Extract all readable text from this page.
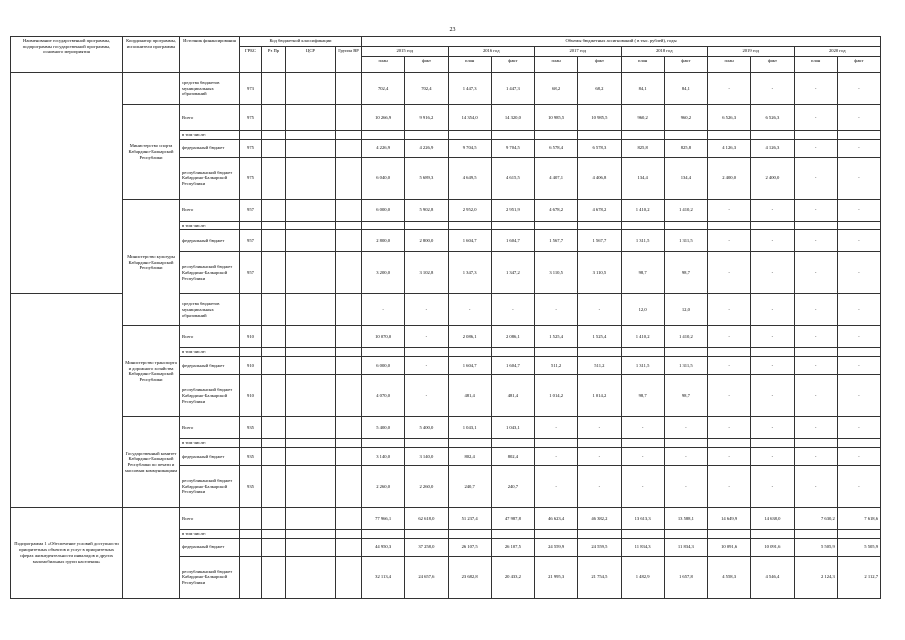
23
Наименование государственной программы, подпрограммы государственной программы, основного мероприятия	Координатор программы, исполнители программы	Источник финансирования	Код бюджетной классификации				Объемы бюджетных ассигнований ( в тыс. рублей), годы											
			ГРБС	Рз Пр	ЦСР	Группа ВР	2015 год		2016 год		2017 год		2018 год		2019 год		2020 год	
							план	факт	план	факт	план	факт	план	факт	план	факт	план	факт
		средства бюджетов муниципальных образований	973				702,4	702,4	1 447,3	1 447,3	68,2	68,2	84,1	84,1	-	-	-	-
	Министерство спорта Кабардино-Балкарской Республики	Всего	975				10 266,9	9 916,2	14 354,0	14 320,0	10 985,5	10 985,5	960,2	960,2	6 526,3	6 526,3	-	-
		в том числе:																
		федеральный бюджет	975				4 226,9	4 226,9	9 704,5	9 704,5	6 578,4	6 578,3	825,8	825,8	4 126,3	4 126,3	-	-
		республиканский бюджет Кабардино-Балкарской Республики	975				6 040,0	5 689,3	4 649,5	4 615,5	4 407,1	4 406,8	134,4	134,4	2 400,0	2 400,0	-	-
	Министерство культуры Кабардино-Балкарской Республики	Всего	957				6 000,0	5 902,8	2 952,0	2 951,9	4 678,2	4 678,2	1 410,2	1 410,2	-	-	-	-
		в том числе:																
		федеральный бюджет	957				2 800,0	2 800,0	1 604,7	1 604,7	1 567,7	1 567,7	1 311,5	1 311,5	-	-	-	-
		республиканский бюджет Кабардино-Балкарской Республики	957				3 200,0	3 102,8	1 347,3	1 347,2	3 110,5	3 110,5	98,7	98,7	-	-	-	-
		средства бюджетов муниципальных образований					-	-	-	-	-	-	12,0	12,0	-	-	-	-
	Министерство транспорта и дорожного хозяйства Кабардино-Балкарской Республики	Всего	910				10 070,0	-	2 086,1	2 086,1	1 525,4	1 525,4	1 410,2	1 410,2	-	-	-	-
		в том числе:																
		федеральный бюджет	910				6 000,0	-	1 604,7	1 604,7	511,2	511,2	1 311,5	1 311,5	-	-	-	-
		республиканский бюджет Кабардино-Балкарской Республики	910				4 070,0	-	481,4	481,4	1 014,2	1 014,2	98,7	98,7	-	-	-	-
	Государственный комитет Кабардино-Балкарской Республики по печати и массовым коммуникациям	Всего	935				5 400,0	5 400,0	1 043,1	1 043,1	-	-	-	-	-	-	-	-
		в том числе:																
		федеральный бюджет	935				3 140,0	3 140,0	802,4	802,4	-	-	-	-	-	-	-	-
		республиканский бюджет Кабардино-Балкарской Республики	935				2 260,0	2 260,0	240,7	240,7	-	-	-	-	-	-	-	-
Подпрограмма 1 «Обеспечение условий доступности приоритетных объектов и услуг в приоритетных сферах жизнедеятельности инвалидов и других маломобильных групп населения»		Всего					77 966,1	62 618,0	51 237,4	47 987,8	46 623,4	46 382,2	13 613,3	13 588,1	14 649,9	14 638,0	7 630,2	7 618,6
		в том числе:																
		федеральный бюджет					44 950,3	37 258,0	26 107,5	26 107,5	24 559,9	24 559,5	11 834,3	11 834,3	10 091,6	10 091,6	5 505,9	5 505,9
		республиканский бюджет Кабардино-Балкарской Республики					32 113,4	24 657,6	23 682,8	20 433,2	21 995,3	21 754,5	1 482,9	1 657,8	4 558,3	4 546,4	2 124,3	2 112,7
